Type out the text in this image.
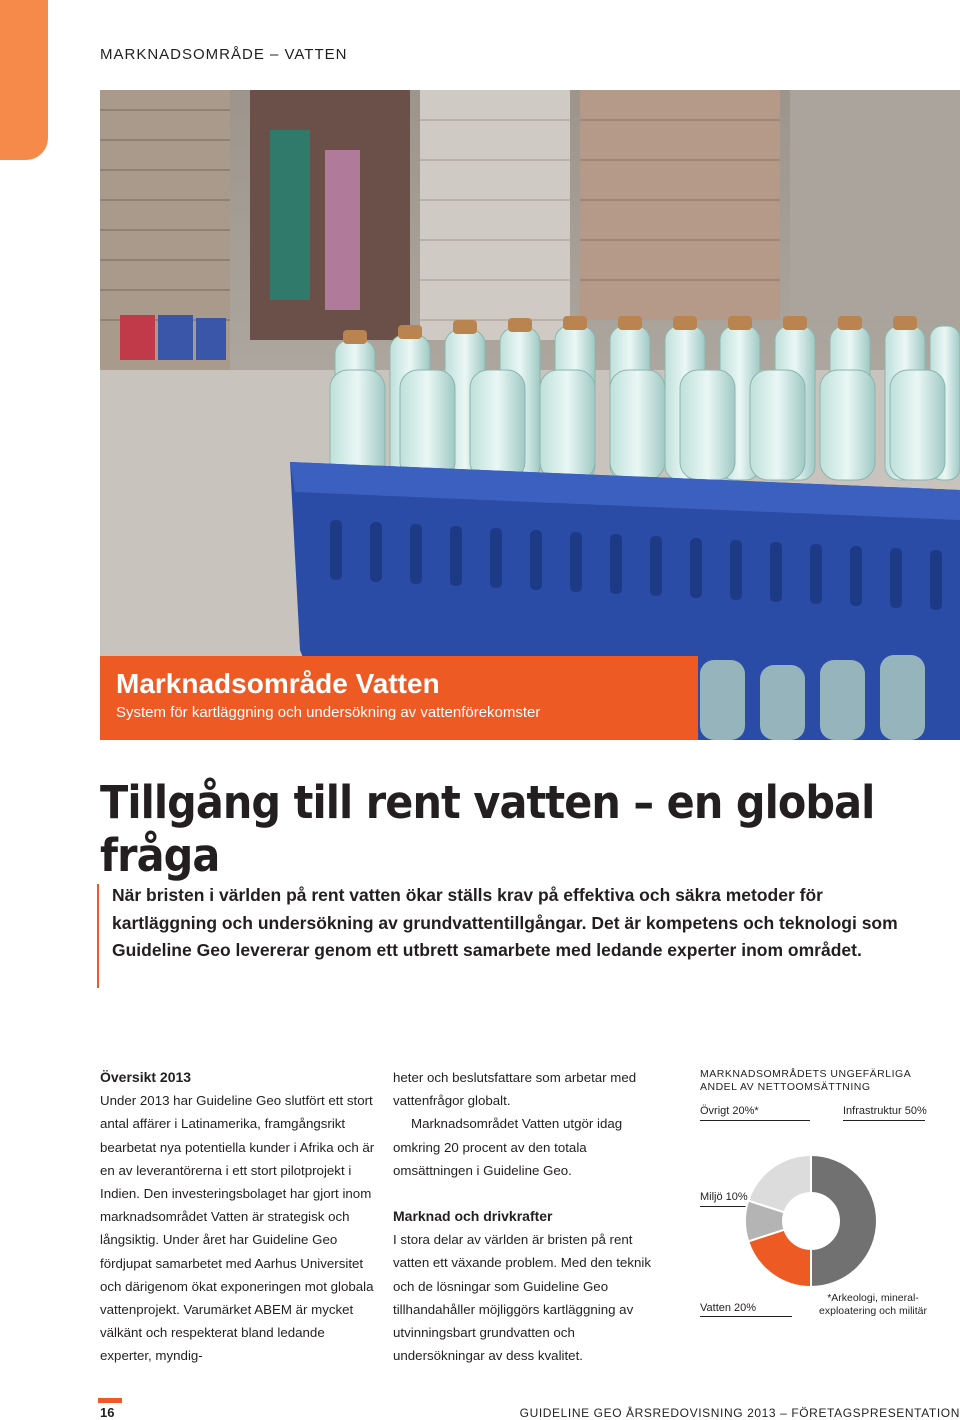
MARKNADSOMRÅDE – VATTEN
Marknadsområde Vatten
System för kartläggning och undersökning av vattenförekomster
Tillgång till rent vatten – en global fråga
När bristen i världen på rent vatten ökar ställs krav på effektiva och säkra metoder för kartläggning och undersökning av grundvattentillgångar. Det är kompetens och teknologi som Guideline Geo levererar genom ett utbrett samarbete med ledande experter inom området.

Översikt 2013

Under 2013 har Guideline Geo slutfört ett stort antal affärer i Latinamerika, framgångsrikt bearbetat nya potentiella kunder i Afrika och är en av leverantörerna i ett stort pilotprojekt i Indien. Den investeringsbolaget har gjort inom marknadsområdet Vatten är strategisk och långsiktig. Under året har Guideline Geo fördjupat samarbetet med Aarhus Universitet och därigenom ökat exponeringen mot globala vattenprojekt. Varumärket ABEM är mycket välkänt och respekterat bland ledande experter, myndig-

heter och beslutsfattare som arbetar med vattenfrågor globalt.

Marknadsområdet Vatten utgör idag omkring 20 procent av den totala omsättningen i Guideline Geo.

Marknad och drivkrafter

I stora delar av världen är bristen på rent vatten ett växande problem. Med den teknik och de lösningar som Guideline Geo tillhandahåller möjliggörs kartläggning av utvinningsbart grundvatten och undersökningar av dess kvalitet.

MARKNADSOMRÅDETS UNGEFÄRLIGA ANDEL AV NETTOOMSÄTTNING
Övrigt 20%*	Infrastruktur 50%
Miljö 10%
Vatten 20%
*Arkeologi, mineral-exploatering och militär
16	GUIDELINE GEO ÅRSREDOVISNING 2013 – FÖRETAGSPRESENTATION
